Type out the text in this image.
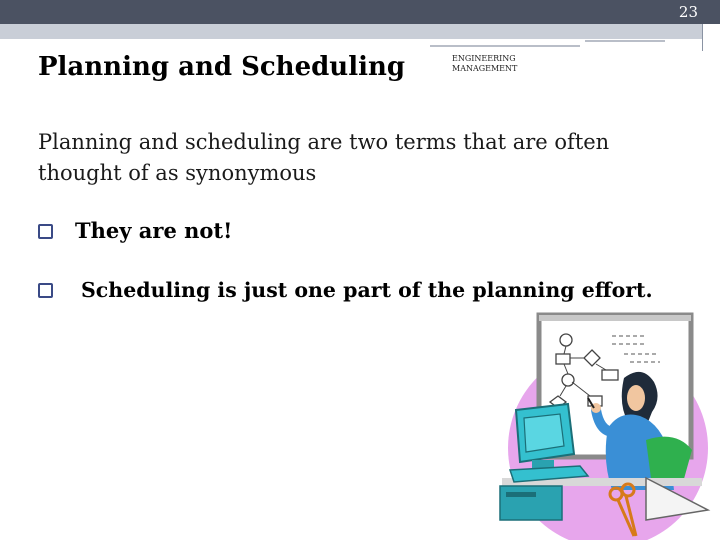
23
Planning and Scheduling	ENGINEERING MANAGEMENT
Planning and scheduling are two terms that are often thought of as synonymous
They are not!
Scheduling is just one part of the planning effort.
